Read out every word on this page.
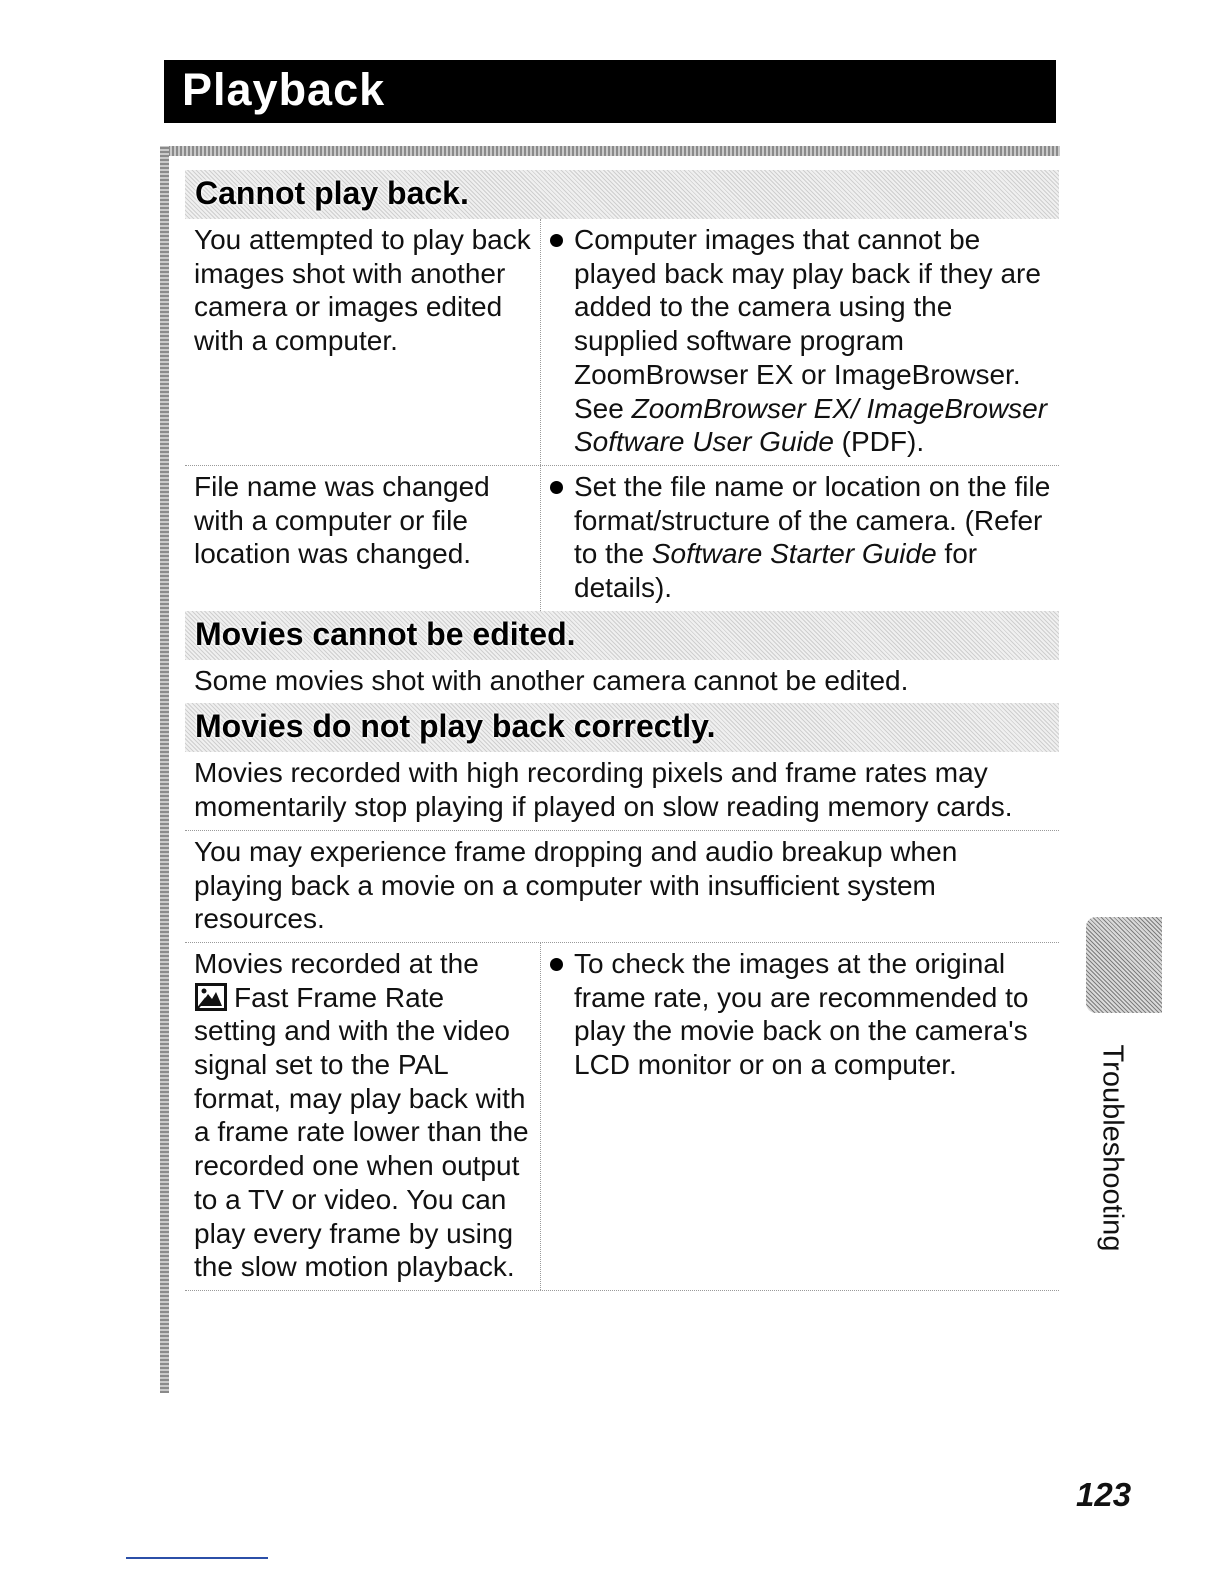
Playback
Cannot play back.
You attempted to play back images shot with another camera or images edited with a computer.
Computer images that cannot be played back may play back if they are added to the camera using the supplied software program ZoomBrowser EX or ImageBrowser. See ZoomBrowser EX/ ImageBrowser Software User Guide (PDF).
File name was changed with a computer or file location was changed.
Set the file name or location on the file format/structure of the camera. (Refer to the Software Starter Guide for details).
Movies cannot be edited.
Some movies shot with another camera cannot be edited.
Movies do not play back correctly.
Movies recorded with high recording pixels and frame rates may momentarily stop playing if played on slow reading memory cards.
You may experience frame dropping and audio breakup when playing back a movie on a computer with insufficient system resources.
Movies recorded at the
Fast Frame Rate setting and with the video signal set to the PAL format, may play back with a frame rate lower than the recorded one when output to a TV or video. You can play every frame by using the slow motion playback.
To check the images at the original frame rate, you are recommended to play the movie back on the camera's LCD monitor or on a computer.	Troubleshooting
123
